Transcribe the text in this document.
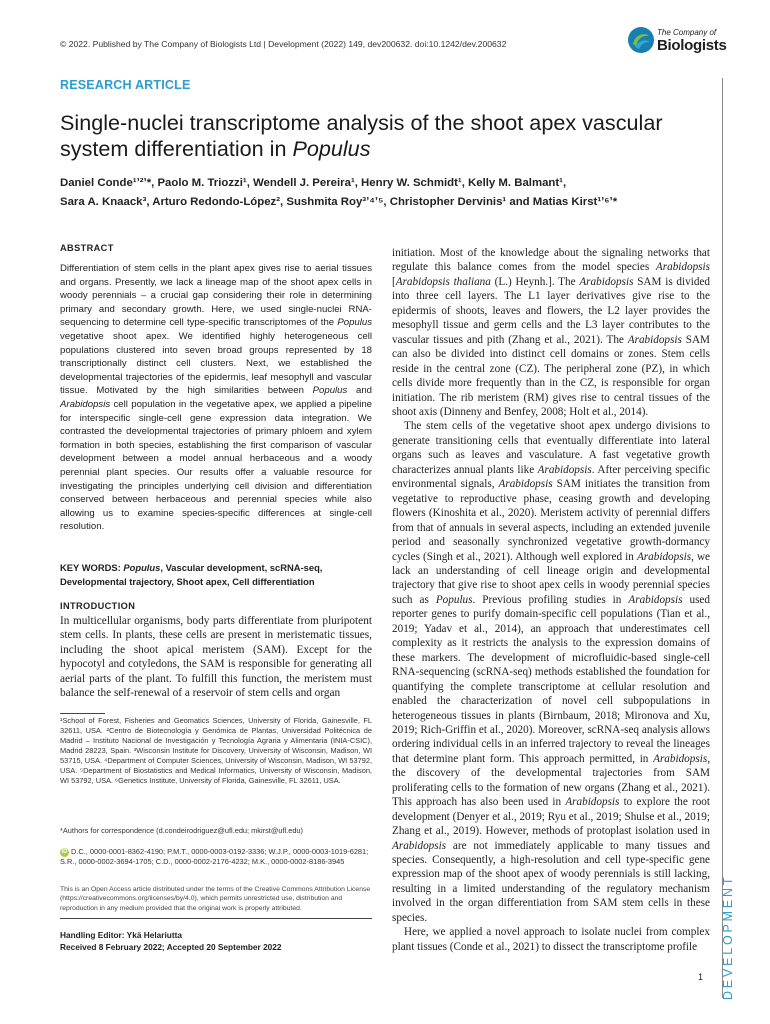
© 2022. Published by The Company of Biologists Ltd | Development (2022) 149, dev200632. doi:10.1242/dev.200632
The Company of
Biologists
RESEARCH ARTICLE
Single-nuclei transcriptome analysis of the shoot apex vascular system differentiation in Populus
Daniel Conde¹ʼ²ʼ*, Paolo M. Triozzi¹, Wendell J. Pereira¹, Henry W. Schmidt¹, Kelly M. Balmant¹,
Sara A. Knaack³, Arturo Redondo-López², Sushmita Roy³ʼ⁴ʼ⁵, Christopher Dervinis¹ and Matias Kirst¹ʼ⁶ʼ*
ABSTRACT
Differentiation of stem cells in the plant apex gives rise to aerial tissues and organs. Presently, we lack a lineage map of the shoot apex cells in woody perennials – a crucial gap considering their role in determining primary and secondary growth. Here, we used single-nuclei RNA-sequencing to determine cell type-specific transcriptomes of the Populus vegetative shoot apex. We identified highly heterogeneous cell populations clustered into seven broad groups represented by 18 transcriptionally distinct cell clusters. Next, we established the developmental trajectories of the epidermis, leaf mesophyll and vascular tissue. Motivated by the high similarities between Populus and Arabidopsis cell population in the vegetative apex, we applied a pipeline for interspecific single-cell gene expression data integration. We contrasted the developmental trajectories of primary phloem and xylem formation in both species, establishing the first comparison of vascular development between a model annual herbaceous and a woody perennial plant species. Our results offer a valuable resource for investigating the principles underlying cell division and differentiation conserved between herbaceous and perennial species while also allowing us to examine species-specific differences at single-cell resolution.
KEY WORDS: Populus, Vascular development, scRNA-seq, Developmental trajectory, Shoot apex, Cell differentiation
INTRODUCTION
In multicellular organisms, body parts differentiate from pluripotent stem cells. In plants, these cells are present in meristematic tissues, including the shoot apical meristem (SAM). Except for the hypocotyl and cotyledons, the SAM is responsible for generating all aerial parts of the plant. To fulfill this function, the meristem must balance the self-renewal of a reservoir of stem cells and organ
¹School of Forest, Fisheries and Geomatics Sciences, University of Florida, Gainesville, FL 32611, USA. ²Centro de Biotecnología y Genómica de Plantas, Universidad Politécnica de Madrid – Instituto Nacional de Investigación y Tecnología Agraria y Alimentaria (INIA-CSIC), Madrid 28223, Spain. ³Wisconsin Institute for Discovery, University of Wisconsin, Madison, WI 53715, USA. ⁴Department of Computer Sciences, University of Wisconsin, Madison, WI 53792, USA. ⁵Department of Biostatistics and Medical Informatics, University of Wisconsin, Madison, WI 53792, USA. ⁶Genetics Institute, University of Florida, Gainesville, FL 32611, USA.
*Authors for correspondence (d.condeirodriguez@ufl.edu; mkirst@ufl.edu)
iD D.C., 0000-0001-8362-4190; P.M.T., 0000-0003-0192-3336; W.J.P., 0000-0003-1019-6281; S.R., 0000-0002-3694-1705; C.D., 0000-0002-2176-4232; M.K., 0000-0002-8186-3945
This is an Open Access article distributed under the terms of the Creative Commons Attribution License (https://creativecommons.org/licenses/by/4.0), which permits unrestricted use, distribution and reproduction in any medium provided that the original work is properly attributed.
Handling Editor: Ykä Helariutta
Received 8 February 2022; Accepted 20 September 2022

initiation. Most of the knowledge about the signaling networks that regulate this balance comes from the model species Arabidopsis [Arabidopsis thaliana (L.) Heynh.]. The Arabidopsis SAM is divided into three cell layers. The L1 layer derivatives give rise to the epidermis of shoots, leaves and flowers, the L2 layer provides the mesophyll tissue and germ cells and the L3 layer contributes to the vascular tissues and pith (Zhang et al., 2021). The Arabidopsis SAM can also be divided into distinct cell domains or zones. Stem cells reside in the central zone (CZ). The peripheral zone (PZ), in which cells divide more frequently than in the CZ, is responsible for organ initiation. The rib meristem (RM) gives rise to central tissues of the shoot axis (Dinneny and Benfey, 2008; Holt et al., 2014).

The stem cells of the vegetative shoot apex undergo divisions to generate transitioning cells that eventually differentiate into lateral organs such as leaves and vasculature. A fast vegetative growth characterizes annual plants like Arabidopsis. After perceiving specific environmental signals, Arabidopsis SAM initiates the transition from vegetative to reproductive phase, ceasing growth and developing flowers (Kinoshita et al., 2020). Meristem activity of perennial differs from that of annuals in several aspects, including an extended juvenile period and seasonally synchronized vegetative growth-dormancy cycles (Singh et al., 2021). Although well explored in Arabidopsis, we lack an understanding of cell lineage origin and developmental trajectory that give rise to shoot apex cells in woody perennial species such as Populus. Previous profiling studies in Arabidopsis used reporter genes to purify domain-specific cell populations (Tian et al., 2019; Yadav et al., 2014), an approach that underestimates cell complexity as it restricts the analysis to the expression domains of these markers. The development of microfluidic-based single-cell RNA-sequencing (scRNA-seq) methods established the foundation for quantifying the complete transcriptome at cellular resolution and enabled the characterization of novel cell subpopulations in heterogeneous tissues in plants (Birnbaum, 2018; Mironova and Xu, 2019; Rich-Griffin et al., 2020). Moreover, scRNA-seq analysis allows ordering individual cells in an inferred trajectory to reveal the lineages that determine plant form. This approach permitted, in Arabidopsis, the discovery of the developmental trajectories from SAM proliferating cells to the formation of new organs (Zhang et al., 2021). This approach has also been used in Arabidopsis to explore the root development (Denyer et al., 2019; Ryu et al., 2019; Shulse et al., 2019; Zhang et al., 2019). However, methods of protoplast isolation used in Arabidopsis are not immediately applicable to many tissues and species. Consequently, a high-resolution and cell type-specific gene expression map of the shoot apex of woody perennials is still lacking, resulting in a limited understanding of the regulatory mechanism involved in the organ differentiation from SAM stem cells in these species.

Here, we applied a novel approach to isolate nuclei from complex plant tissues (Conde et al., 2021) to dissect the transcriptome profile	DEVELOPMENT
1
